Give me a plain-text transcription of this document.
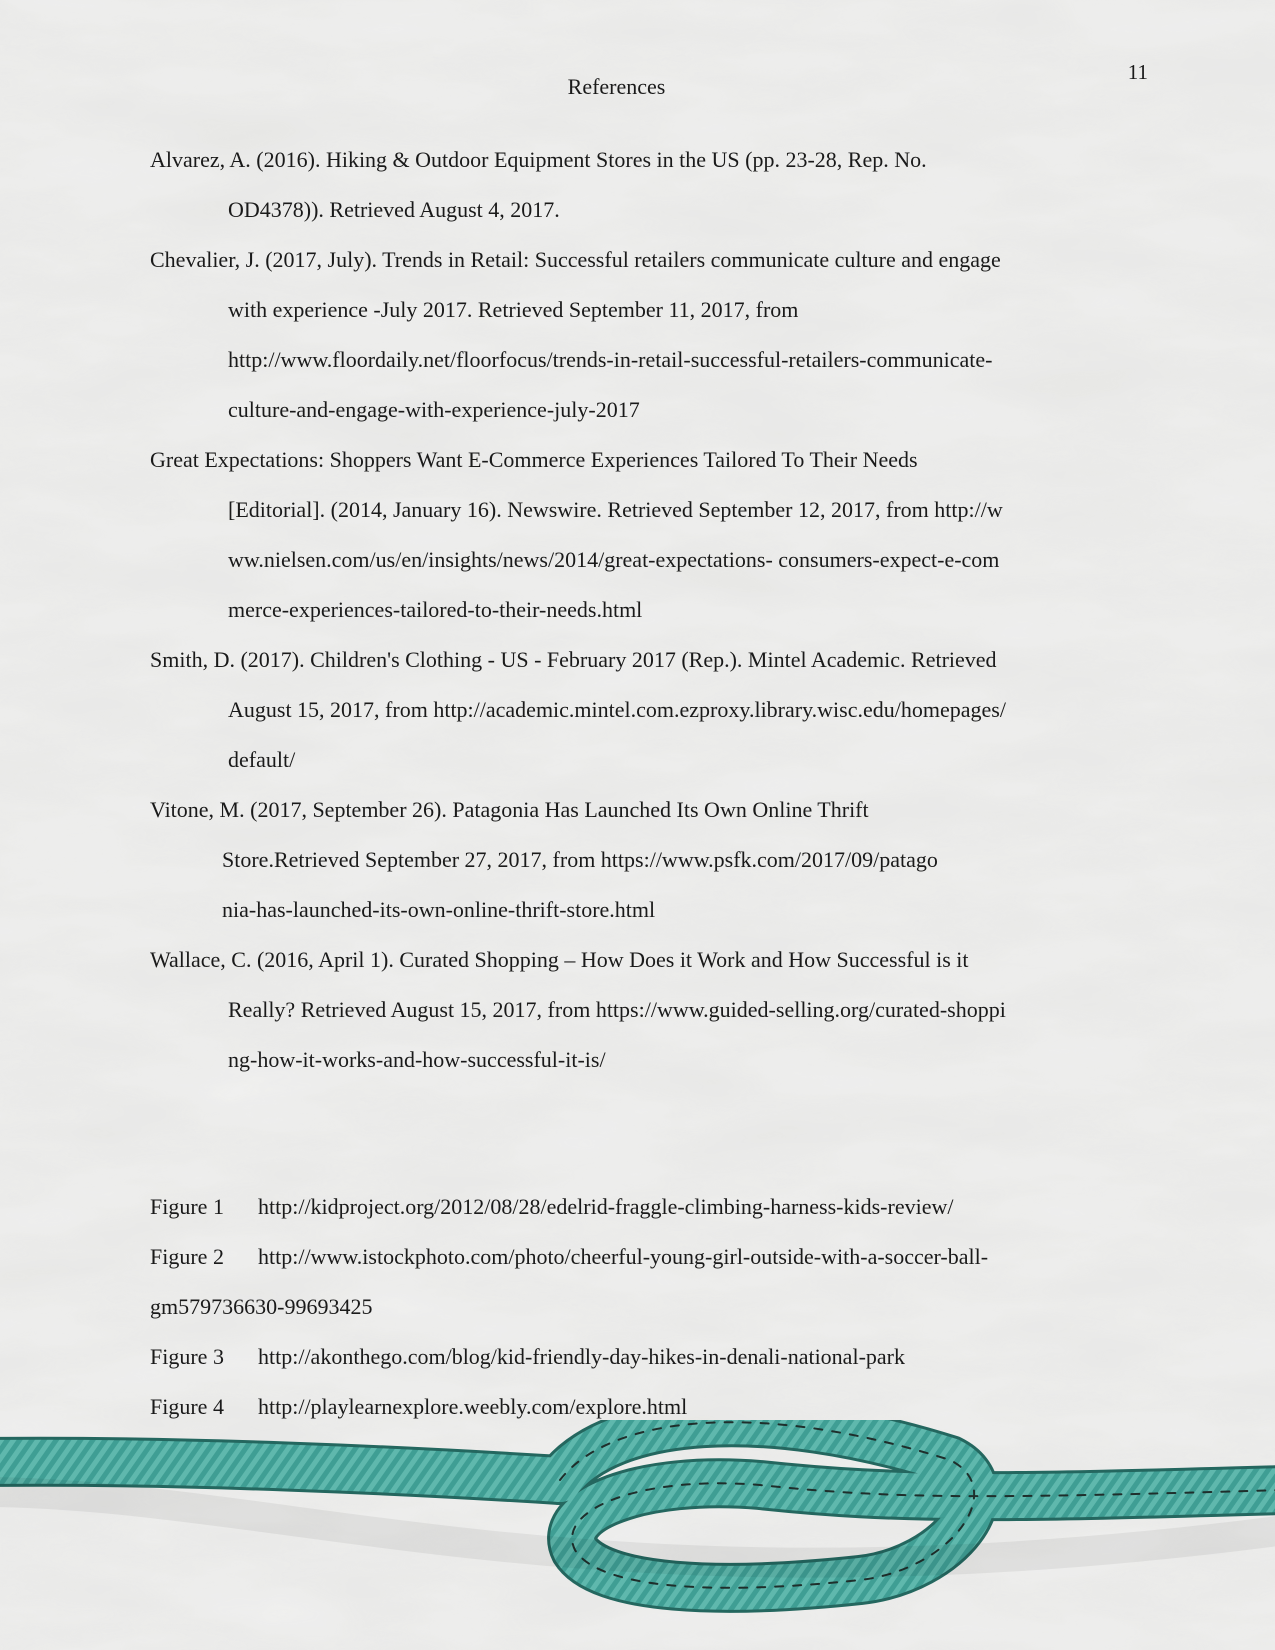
11
References
Alvarez, A. (2016). Hiking & Outdoor Equipment Stores in the US (pp. 23-28, Rep. No.
OD4378)). Retrieved August 4, 2017.
Chevalier, J. (2017, July). Trends in Retail: Successful retailers communicate culture and engage
with experience -July 2017. Retrieved September 11, 2017, from
http://www.floordaily.net/floorfocus/trends-in-retail-successful-retailers-communicate-
culture-and-engage-with-experience-july-2017
Great Expectations: Shoppers Want E-Commerce Experiences Tailored To Their Needs
[Editorial]. (2014, January 16). Newswire. Retrieved September 12, 2017, from http://w
ww.nielsen.com/us/en/insights/news/2014/great-expectations- consumers-expect-e-com
merce-experiences-tailored-to-their-needs.html
Smith, D. (2017). Children's Clothing - US - February 2017 (Rep.). Mintel Academic. Retrieved
August 15, 2017, from http://academic.mintel.com.ezproxy.library.wisc.edu/homepages/
default/
Vitone, M. (2017, September 26). Patagonia Has Launched Its Own Online Thrift
Store.Retrieved September 27, 2017, from https://www.psfk.com/2017/09/patago
nia-has-launched-its-own-online-thrift-store.html
Wallace, C. (2016, April 1). Curated Shopping – How Does it Work and How Successful is it
Really? Retrieved August 15, 2017, from https://www.guided-selling.org/curated-shoppi
ng-how-it-works-and-how-successful-it-is/
Figure 1 http://kidproject.org/2012/08/28/edelrid-fraggle-climbing-harness-kids-review/
Figure 2 http://www.istockphoto.com/photo/cheerful-young-girl-outside-with-a-soccer-ball-
gm579736630-99693425
Figure 3 http://akonthego.com/blog/kid-friendly-day-hikes-in-denali-national-park
Figure 4 http://playlearnexplore.weebly.com/explore.html
